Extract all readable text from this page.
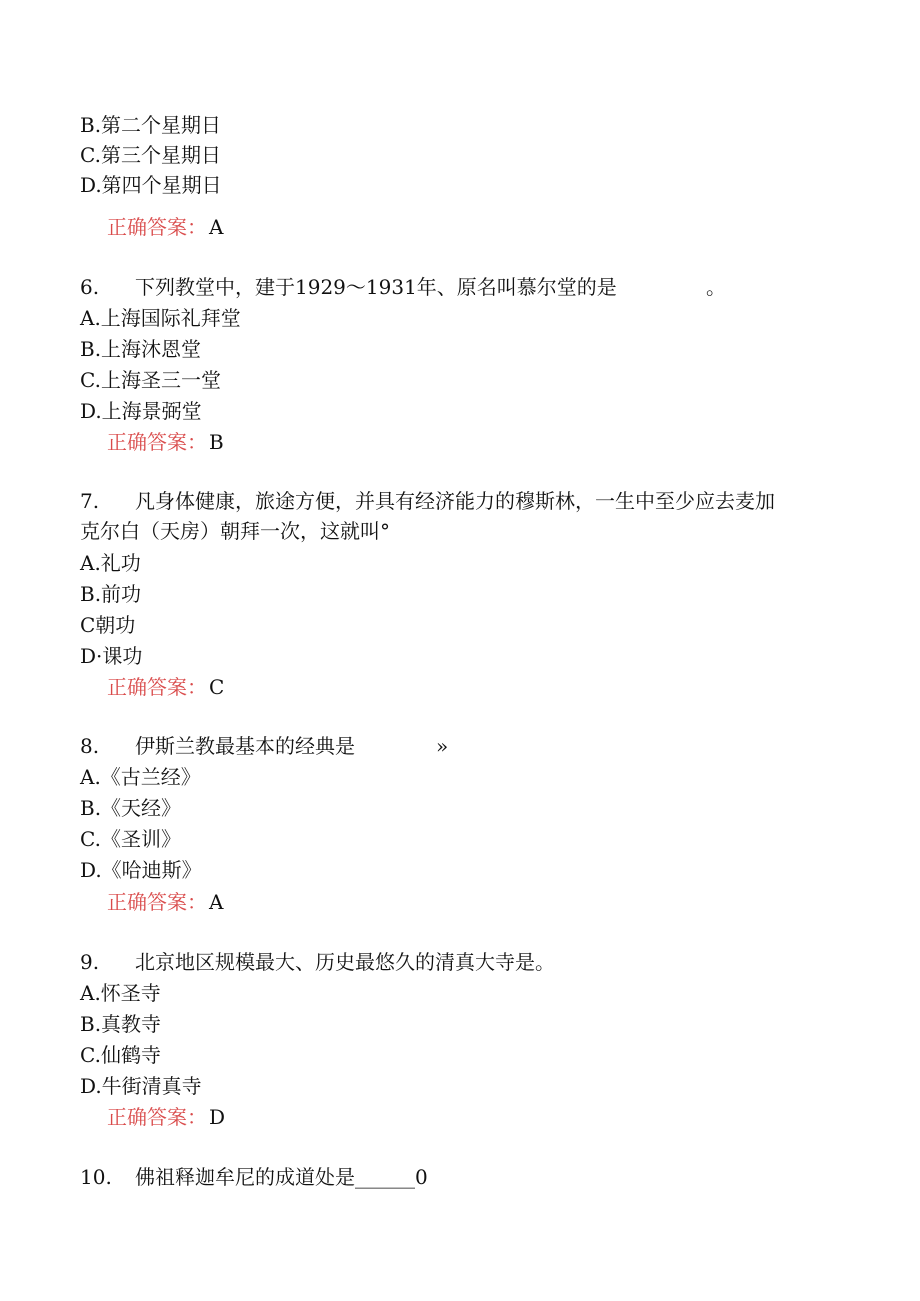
B.第二个星期日
C.第三个星期日
D.第四个星期日
正确答案： A
6. 下列教堂中，建于1929～1931年、原名叫慕尔堂的是	。
A.上海国际礼拜堂
B.上海沐恩堂
C.上海圣三一堂
D.上海景弼堂
正确答案： B
7. 凡身体健康，旅途方便，并具有经济能力的穆斯林，一生中至少应去麦加
克尔白（天房）朝拜一次，这就叫°
A.礼功
B.前功
C朝功
D·课功
正确答案： C
8. 伊斯兰教最基本的经典是	»
A.《古兰经》
B.《天经》
C.《圣训》
D.《哈迪斯》
正确答案： A
9. 北京地区规模最大、历史最悠久的清真大寺是。
A.怀圣寺
B.真教寺
C.仙鹤寺
D.牛街清真寺
正确答案： D
10. 佛祖释迦牟尼的成道处是______0
